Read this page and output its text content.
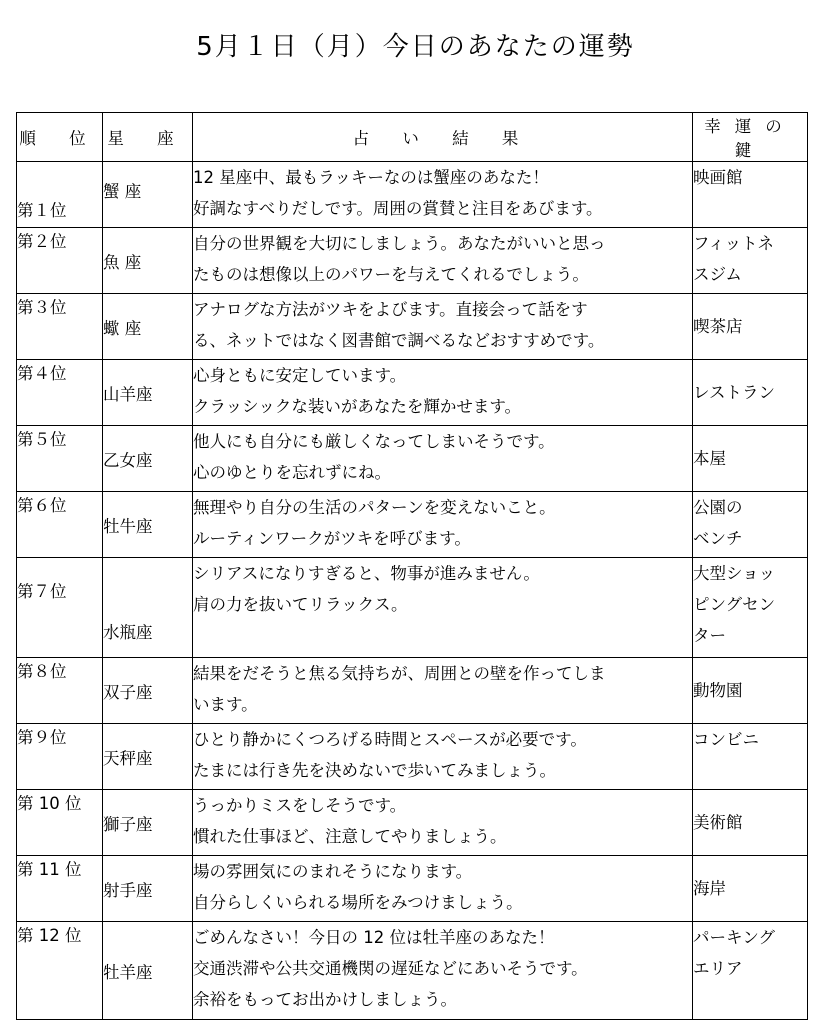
5月１日（月）今日のあなたの運勢
順 位	星 座	占 い 結 果	幸運の鍵
第１位	蟹 座	12 星座中、最もラッキーなのは蟹座のあなた！
好調なすべりだしです。周囲の賞賛と注目をあびます。	映画館

第２位	魚 座	自分の世界観を大切にしましょう。あなたがいいと思っ
たものは想像以上のパワーを与えてくれるでしょう。	フィットネ
スジム

第３位	蠍 座	アナログな方法がツキをよびます。直接会って話をす
る、ネットではなく図書館で調べるなどおすすめです。	喫茶店

第４位	山羊座	心身ともに安定しています。
クラッシックな装いがあなたを輝かせます。	レストラン

第５位	乙女座	他人にも自分にも厳しくなってしまいそうです。
心のゆとりを忘れずにね。	本屋

第６位	牡牛座	無理やり自分の生活のパターンを変えないこと。
ルーティンワークがツキを呼びます。	公園の
ベンチ

第７位	水瓶座	シリアスになりすぎると、物事が進みません。
肩の力を抜いてリラックス。	大型ショッ
ピングセン
ター

第８位	双子座	結果をだそうと焦る気持ちが、周囲との壁を作ってしま
います。	動物園

第９位	天秤座	ひとり静かにくつろげる時間とスペースが必要です。
たまには行き先を決めないで歩いてみましょう。	コンビニ

第 10 位	獅子座	うっかりミスをしそうです。
慣れた仕事ほど、注意してやりましょう。	美術館

第 11 位	射手座	場の雰囲気にのまれそうになります。
自分らしくいられる場所をみつけましょう。	海岸

第 12 位	牡羊座	ごめんなさい！今日の 12 位は牡羊座のあなた！
交通渋滞や公共交通機関の遅延などにあいそうです。
余裕をもってお出かけしましょう。	パーキング
エリア
